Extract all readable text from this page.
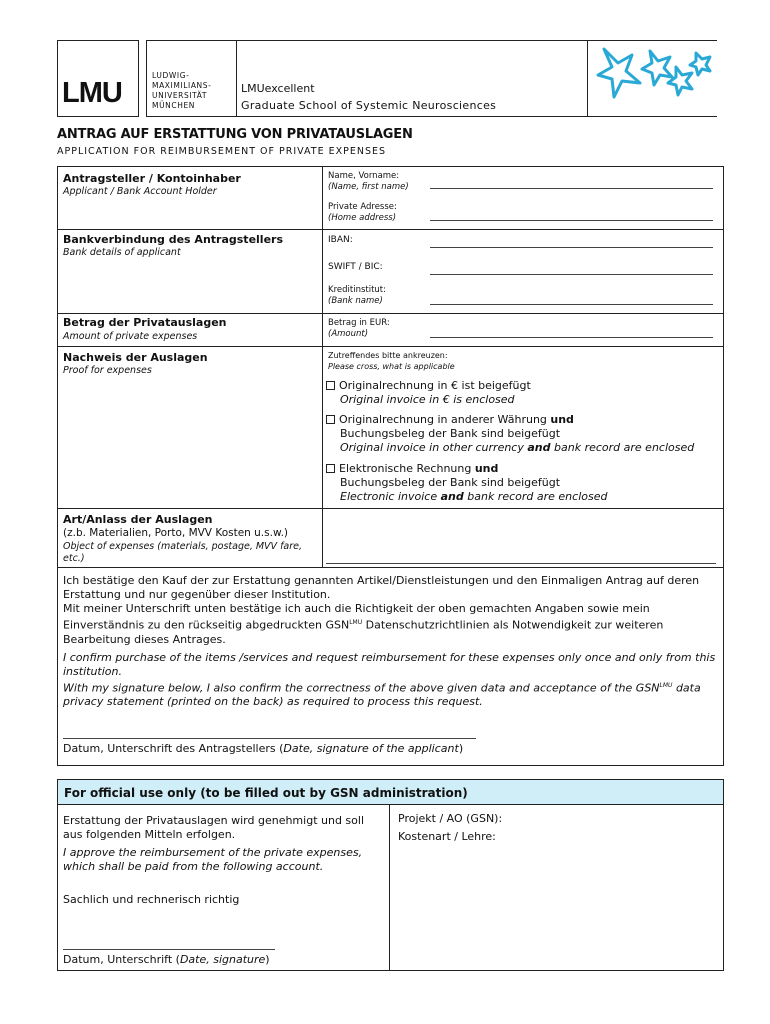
LMU
LUDWIG-
MAXIMILIANS-
UNIVERSITÄT
MÜNCHEN
LMUexcellent
Graduate School of Systemic Neurosciences
ANTRAG AUF ERSTATTUNG VON PRIVATAUSLAGEN
APPLICATION FOR REIMBURSEMENT OF PRIVATE EXPENSES
Antragsteller / Kontoinhaber
Applicant / Bank Account Holder
Name, Vorname:
(Name, first name)
Private Adresse:
(Home address)
Bankverbindung des Antragstellers
Bank details of applicant
IBAN:
SWIFT / BIC:
Kreditinstitut:
(Bank name)
Betrag der Privatauslagen
Amount of private expenses
Betrag in EUR:
(Amount)
Nachweis der Auslagen
Proof for expenses
Zutreffendes bitte ankreuzen:
Please cross, what is applicable
Originalrechnung in € ist beigefügt
Original invoice in € is enclosed
Originalrechnung in anderer Währung und
Buchungsbeleg der Bank sind beigefügt
Original invoice in other currency and bank record are enclosed
Elektronische Rechnung und
Buchungsbeleg der Bank sind beigefügt
Electronic invoice and bank record are enclosed
Art/Anlass der Auslagen
(z.b. Materialien, Porto, MVV Kosten u.s.w.)
Object of expenses (materials, postage, MVV fare, etc.)
Ich bestätige den Kauf der zur Erstattung genannten Artikel/Dienstleistungen und den Einmaligen Antrag auf deren Erstattung und nur gegenüber dieser Institution.
Mit meiner Unterschrift unten bestätige ich auch die Richtigkeit der oben gemachten Angaben sowie mein Einverständnis zu den rückseitig abgedruckten $GSN^{LMU}$ Datenschutzrichtlinien als Notwendigkeit zur weiteren Bearbeitung dieses Antrages.
I confirm purchase of the items /services and request reimbursement for these expenses only once and only from this institution.
With my signature below, I also confirm the correctness of the above given data and acceptance of the $GSN^{LMU}$ data privacy statement (printed on the back) as required to process this request.
Datum, Unterschrift des Antragstellers (Date, signature of the applicant)
For official use only (to be filled out by GSN administration)
Erstattung der Privatauslagen wird genehmigt und soll aus folgenden Mitteln erfolgen.
I approve the reimbursement of the private expenses, which shall be paid from the following account.
Sachlich und rechnerisch richtig
Datum, Unterschrift (Date, signature)
Projekt / AO (GSN):
Kostenart / Lehre:
